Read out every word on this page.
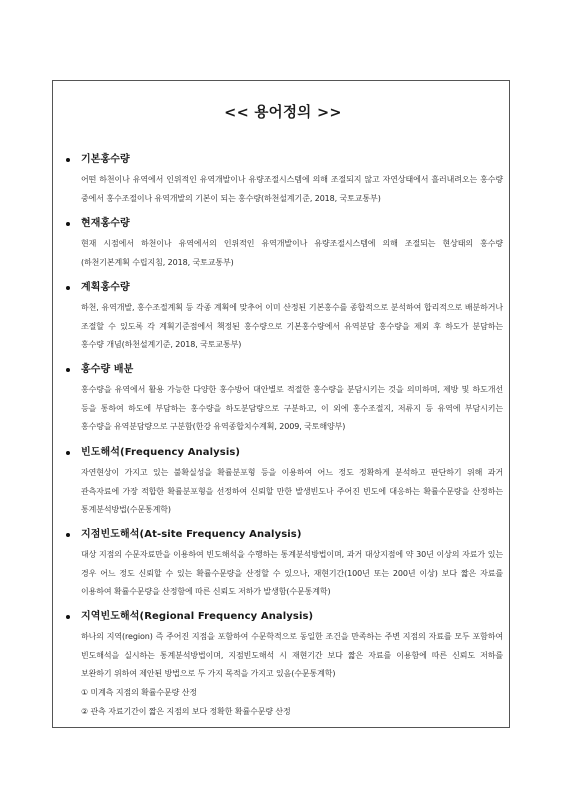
<< 용어정의 >>
기본홍수량

어떤 하천이나 유역에서 인위적인 유역개발이나 유량조절시스템에 의해 조절되지 않고 자연상태에서 흘러내려오는 홍수량 중에서 홍수조절이나 유역개발의 기본이 되는 홍수량(하천설계기준, 2018, 국토교통부)

현재홍수량

현재 시점에서 하천이나 유역에서의 인위적인 유역개발이나 유량조절시스템에 의해 조절되는 현상태의 홍수량(하천기본계획 수립지침, 2018, 국토교통부)

계획홍수량

하천, 유역개발, 홍수조절계획 등 각종 계획에 맞추어 이미 산정된 기본홍수를 종합적으로 분석하여 합리적으로 배분하거나 조절할 수 있도록 각 계획기준점에서 책정된 홍수량으로 기본홍수량에서 유역분담 홍수량을 제외 후 하도가 분담하는 홍수량 개념(하천설계기준, 2018, 국토교통부)

홍수량 배분

홍수량을 유역에서 활용 가능한 다양한 홍수방어 대안별로 적절한 홍수량을 분담시키는 것을 의미하며, 제방 및 하도개선 등을 통하여 하도에 부담하는 홍수량을 하도분담량으로 구분하고, 이 외에 홍수조절지, 저류지 등 유역에 부담시키는 홍수량을 유역분담량으로 구분함(한강 유역종합치수계획, 2009, 국토해양부)

빈도해석(Frequency Analysis)

자연현상이 가지고 있는 불확실성을 확률분포형 등을 이용하여 어느 정도 정확하게 분석하고 판단하기 위해 과거 관측자료에 가장 적합한 확률분포형을 선정하여 신뢰할 만한 발생빈도나 주어진 빈도에 대응하는 확률수문량을 산정하는 통계분석방법(수문통계학)

지점빈도해석(At-site Frequency Analysis)

대상 지점의 수문자료만을 이용하여 빈도해석을 수행하는 통계분석방법이며, 과거 대상지점에 약 30년 이상의 자료가 있는 경우 어느 정도 신뢰할 수 있는 확률수문량을 산정할 수 있으나, 재현기간(100년 또는 200년 이상) 보다 짧은 자료를 이용하여 확률수문량을 산정함에 따른 신뢰도 저하가 발생함(수문통계학)

지역빈도해석(Regional Frequency Analysis)

하나의 지역(region) 즉 주어진 지점을 포함하여 수문학적으로 동일한 조건을 만족하는 주변 지점의 자료를 모두 포함하여 빈도해석을 실시하는 통계분석방법이며, 지점빈도해석 시 재현기간 보다 짧은 자료를 이용함에 따른 신뢰도 저하를 보완하기 위하여 제안된 방법으로 두 가지 목적을 가지고 있음(수문통계학)

① 미계측 지점의 확률수문량 산정

② 관측 자료기간이 짧은 지점의 보다 정확한 확률수문량 산정
